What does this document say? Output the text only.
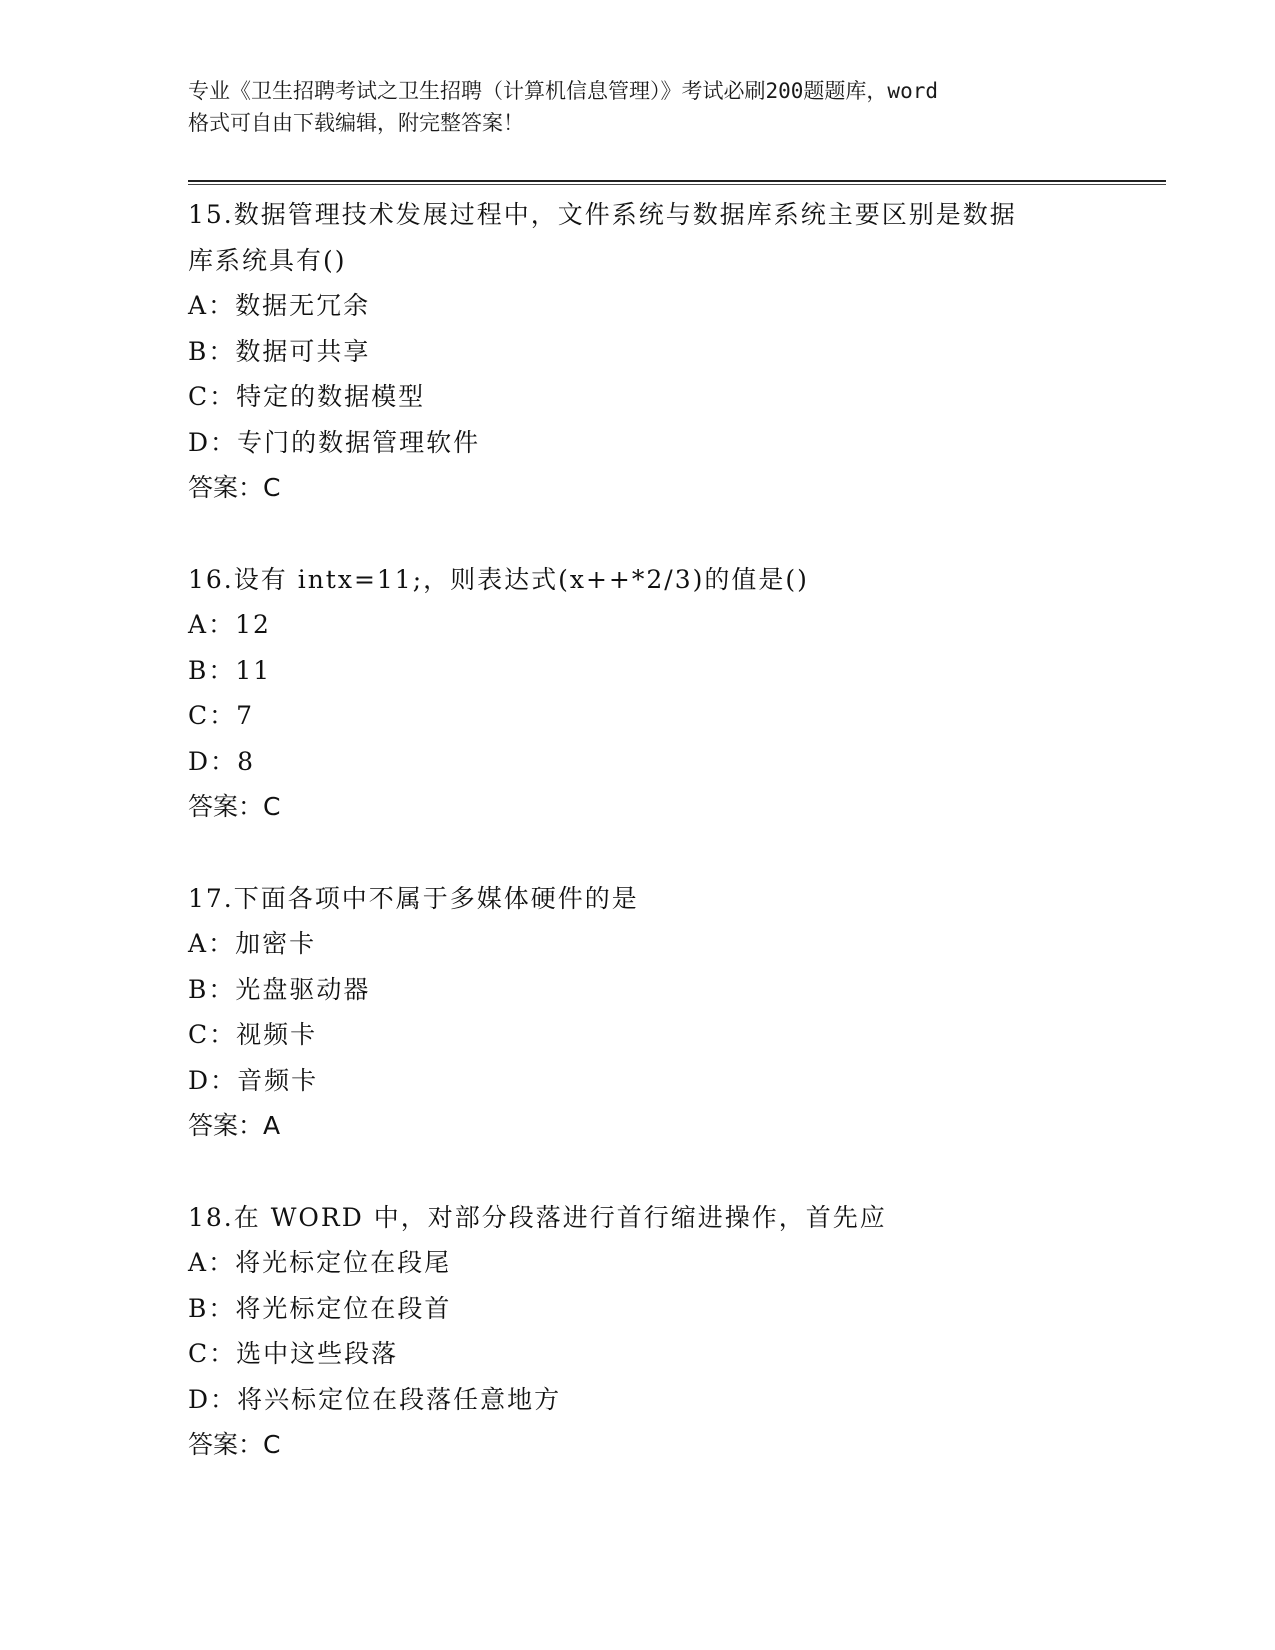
专业《卫生招聘考试之卫生招聘（计算机信息管理）》考试必刷200题题库，word
格式可自由下载编辑，附完整答案！
15.数据管理技术发展过程中，文件系统与数据库系统主要区别是数据
库系统具有()
A：数据无冗余
B：数据可共享
C：特定的数据模型
D：专门的数据管理软件
答案：C
16.设有 intx=11;，则表达式(x++*2/3)的值是()
A：12
B：11
C：7
D：8
答案：C
17.下面各项中不属于多媒体硬件的是
A：加密卡
B：光盘驱动器
C：视频卡
D：音频卡
答案：A
18.在 WORD 中，对部分段落进行首行缩进操作，首先应
A：将光标定位在段尾
B：将光标定位在段首
C：选中这些段落
D：将兴标定位在段落任意地方
答案：C
